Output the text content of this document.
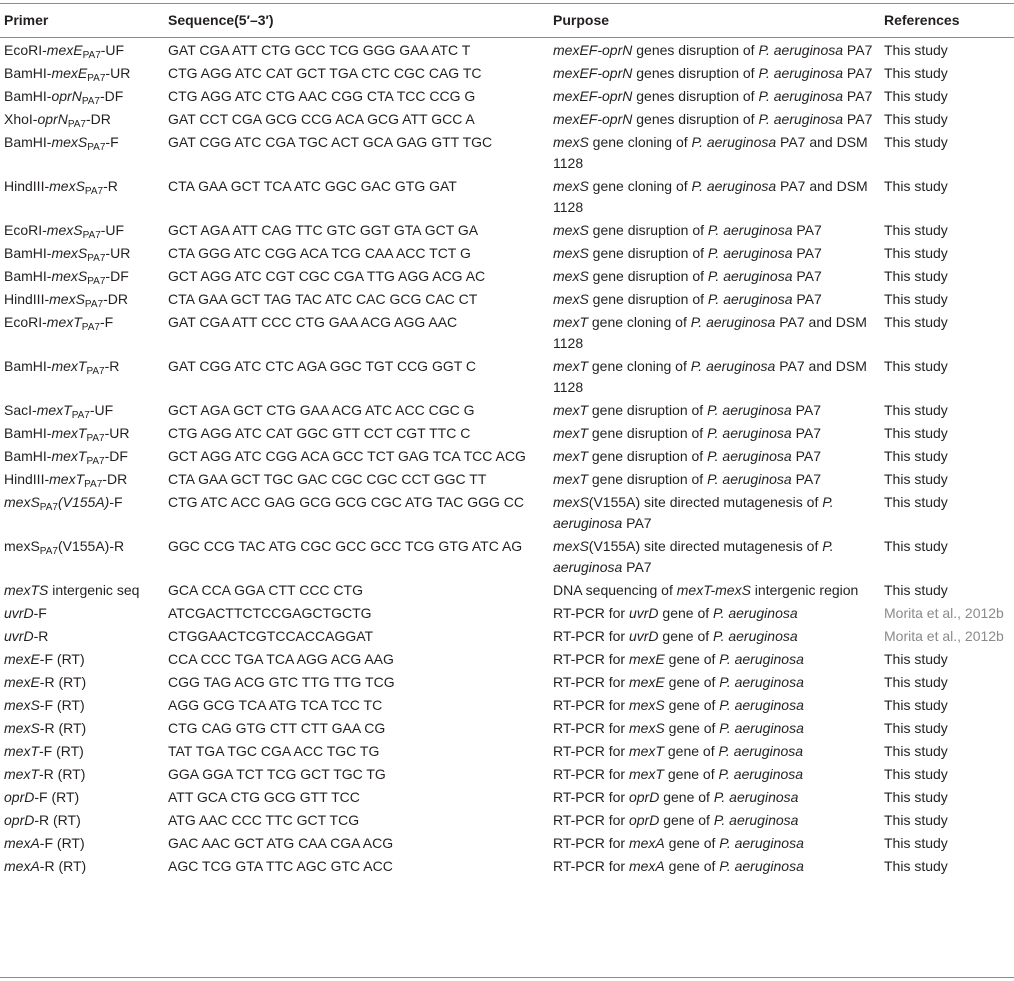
Primer	Sequence(5′–3′)	Purpose	References
EcoRI-mexE$_{PA7}$-UF	GAT CGA ATT CTG GCC TCG GGG GAA ATC T	mexEF-oprN genes disruption of P. aeruginosa PA7	This study
BamHI-mexE$_{PA7}$-UR	CTG AGG ATC CAT GCT TGA CTC CGC CAG TC	mexEF-oprN genes disruption of P. aeruginosa PA7	This study
BamHI-oprN$_{PA7}$-DF	CTG AGG ATC CTG AAC CGG CTA TCC CCG G	mexEF-oprN genes disruption of P. aeruginosa PA7	This study
XhoI-oprN$_{PA7}$-DR	GAT CCT CGA GCG CCG ACA GCG ATT GCC A	mexEF-oprN genes disruption of P. aeruginosa PA7	This study
BamHI-mexS$_{PA7}$-F	GAT CGG ATC CGA TGC ACT GCA GAG GTT TGC	mexS gene cloning of P. aeruginosa PA7 and DSM 1128	This study
HindIII-mexS$_{PA7}$-R	CTA GAA GCT TCA ATC GGC GAC GTG GAT	mexS gene cloning of P. aeruginosa PA7 and DSM 1128	This study
EcoRI-mexS$_{PA7}$-UF	GCT AGA ATT CAG TTC GTC GGT GTA GCT GA	mexS gene disruption of P. aeruginosa PA7	This study
BamHI-mexS$_{PA7}$-UR	CTA GGG ATC CGG ACA TCG CAA ACC TCT G	mexS gene disruption of P. aeruginosa PA7	This study
BamHI-mexS$_{PA7}$-DF	GCT AGG ATC CGT CGC CGA TTG AGG ACG AC	mexS gene disruption of P. aeruginosa PA7	This study
HindIII-mexS$_{PA7}$-DR	CTA GAA GCT TAG TAC ATC CAC GCG CAC CT	mexS gene disruption of P. aeruginosa PA7	This study
EcoRI-mexT$_{PA7}$-F	GAT CGA ATT CCC CTG GAA ACG AGG AAC	mexT gene cloning of P. aeruginosa PA7 and DSM 1128	This study
BamHI-mexT$_{PA7}$-R	GAT CGG ATC CTC AGA GGC TGT CCG GGT C	mexT gene cloning of P. aeruginosa PA7 and DSM 1128	This study
SacI-mexT$_{PA7}$-UF	GCT AGA GCT CTG GAA ACG ATC ACC CGC G	mexT gene disruption of P. aeruginosa PA7	This study
BamHI-mexT$_{PA7}$-UR	CTG AGG ATC CAT GGC GTT CCT CGT TTC C	mexT gene disruption of P. aeruginosa PA7	This study
BamHI-mexT$_{PA7}$-DF	GCT AGG ATC CGG ACA GCC TCT GAG TCA TCC ACG	mexT gene disruption of P. aeruginosa PA7	This study
HindIII-mexT$_{PA7}$-DR	CTA GAA GCT TGC GAC CGC CGC CCT GGC TT	mexT gene disruption of P. aeruginosa PA7	This study
mexS$_{PA7}$(V155A)-F	CTG ATC ACC GAG GCG GCG CGC ATG TAC GGG CC	mexS(V155A) site directed mutagenesis of P. aeruginosa PA7	This study
mexS$_{PA7}$(V155A)-R	GGC CCG TAC ATG CGC GCC GCC TCG GTG ATC AG	mexS(V155A) site directed mutagenesis of P. aeruginosa PA7	This study
mexTS intergenic seq	GCA CCA GGA CTT CCC CTG	DNA sequencing of mexT-mexS intergenic region	This study
uvrD-F	ATCGACTTCTCCGAGCTGCTG	RT-PCR for uvrD gene of P. aeruginosa	Morita et al., 2012b
uvrD-R	CTGGAACTCGTCCACCAGGAT	RT-PCR for uvrD gene of P. aeruginosa	Morita et al., 2012b
mexE-F (RT)	CCA CCC TGA TCA AGG ACG AAG	RT-PCR for mexE gene of P. aeruginosa	This study
mexE-R (RT)	CGG TAG ACG GTC TTG TTG TCG	RT-PCR for mexE gene of P. aeruginosa	This study
mexS-F (RT)	AGG GCG TCA ATG TCA TCC TC	RT-PCR for mexS gene of P. aeruginosa	This study
mexS-R (RT)	CTG CAG GTG CTT CTT GAA CG	RT-PCR for mexS gene of P. aeruginosa	This study
mexT-F (RT)	TAT TGA TGC CGA ACC TGC TG	RT-PCR for mexT gene of P. aeruginosa	This study
mexT-R (RT)	GGA GGA TCT TCG GCT TGC TG	RT-PCR for mexT gene of P. aeruginosa	This study
oprD-F (RT)	ATT GCA CTG GCG GTT TCC	RT-PCR for oprD gene of P. aeruginosa	This study
oprD-R (RT)	ATG AAC CCC TTC GCT TCG	RT-PCR for oprD gene of P. aeruginosa	This study
mexA-F (RT)	GAC AAC GCT ATG CAA CGA ACG	RT-PCR for mexA gene of P. aeruginosa	This study
mexA-R (RT)	AGC TCG GTA TTC AGC GTC ACC	RT-PCR for mexA gene of P. aeruginosa	This study
